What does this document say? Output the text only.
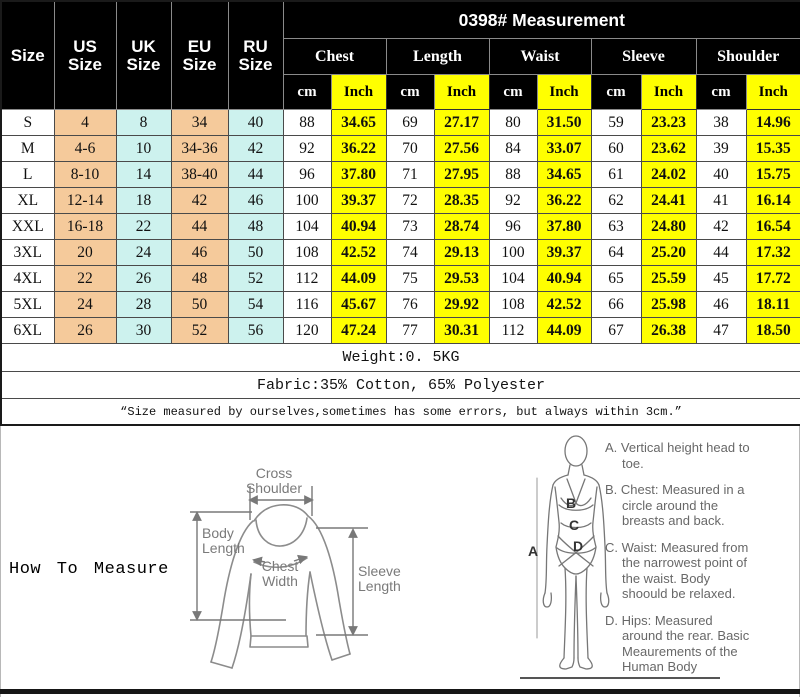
Size	US Size	UK Size	EU Size	RU Size	0398# Measurement									
					Chest		Length		Waist		Sleeve		Shoulder	
					cm	Inch	cm	Inch	cm	Inch	cm	Inch	cm	Inch
S	4	8	34	40	88	34.65	69	27.17	80	31.50	59	23.23	38	14.96
M	4-6	10	34-36	42	92	36.22	70	27.56	84	33.07	60	23.62	39	15.35
L	8-10	14	38-40	44	96	37.80	71	27.95	88	34.65	61	24.02	40	15.75
XL	12-14	18	42	46	100	39.37	72	28.35	92	36.22	62	24.41	41	16.14
XXL	16-18	22	44	48	104	40.94	73	28.74	96	37.80	63	24.80	42	16.54
3XL	20	24	46	50	108	42.52	74	29.13	100	39.37	64	25.20	44	17.32
4XL	22	26	48	52	112	44.09	75	29.53	104	40.94	65	25.59	45	17.72
5XL	24	28	50	54	116	45.67	76	29.92	108	42.52	66	25.98	46	18.11
6XL	26	30	52	56	120	47.24	77	30.31	112	44.09	67	26.38	47	18.50
Weight:0. 5KG														
Fabric:35% Cotton, 65% Polyester														
“Size measured by ourselves,sometimes has some errors, but always within 3cm.”														
How To Measure
Cross Shoulder
Body Length
Chest Width
Sleeve Length
A
B
C
D

A. Vertical height head to toe.

B. Chest: Measured in a circle around the breasts and back.

C. Waist: Measured from the narrowest point of the waist. Body shoould be relaxed.

D. Hips: Measured around the rear. Basic Meaurements of the Human Body
